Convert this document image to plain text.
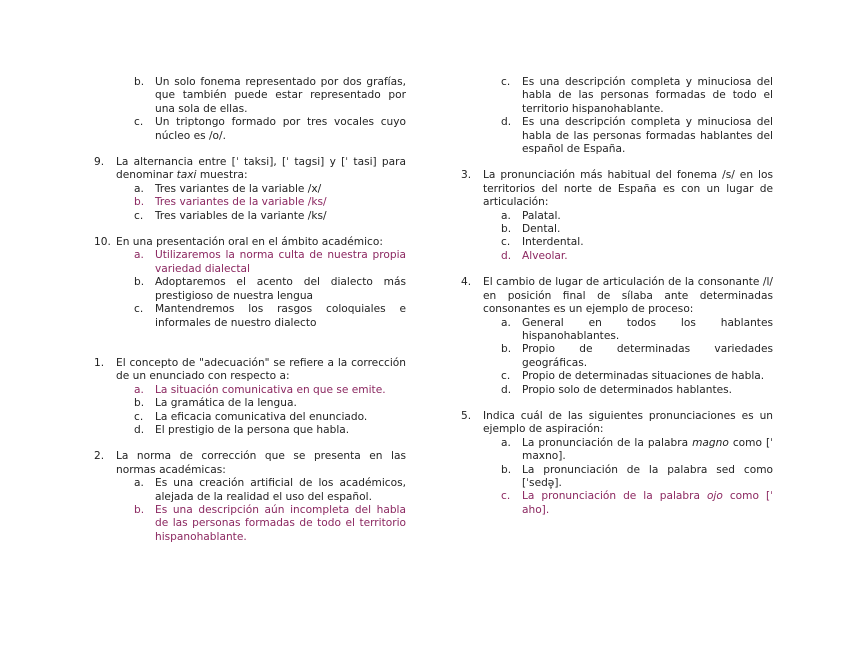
b.	Un solo fonema representado por dos grafías, que también puede estar representado por una sola de ellas.
c.	Un triptongo formado por tres vocales cuyo núcleo es /o/.
9.	La alternancia entre [ˈ taksi], [ˈ tagsi] y [ˈ tasi] para denominar taxi muestra:
a.	Tres variantes de la variable /x/
b.	Tres variantes de la variable /ks/
c.	Tres variables de la variante /ks/
10. En una presentación oral en el ámbito académico:
a.	Utilizaremos la norma culta de nuestra propia variedad dialectal
b.	Adoptaremos el acento del dialecto más prestigioso de nuestra lengua
c.	Mantendremos los rasgos coloquiales e informales de nuestro dialecto
1.	El concepto de "adecuación" se refiere a la corrección de un enunciado con respecto a:
a.	La situación comunicativa en que se emite.
b.	La gramática de la lengua.
c.	La eficacia comunicativa del enunciado.
d.	El prestigio de la persona que habla.
2.	La norma de corrección que se presenta en las normas académicas:
a.	Es una creación artificial de los académicos, alejada de la realidad el uso del español.
b.	Es una descripción aún incompleta del habla de las personas formadas de todo el territorio hispanohablante.
c.	Es una descripción completa y minuciosa del habla de las personas formadas de todo el territorio hispanohablante.
d.	Es una descripción completa y minuciosa del habla de las personas formadas hablantes del español de España.
3.	La pronunciación más habitual del fonema /s/ en los territorios del norte de España es con un lugar de articulación:
a.	Palatal.
b.	Dental.
c.	Interdental.
d.	Alveolar.
4.	El cambio de lugar de articulación de la consonante /l/ en posición final de sílaba ante determinadas consonantes es un ejemplo de proceso:
a.	General en todos los hablantes hispanohablantes.
b.	Propio de determinadas variedades geográficas.
c.	Propio de determinadas situaciones de habla.
d.	Propio solo de determinados hablantes.
5.	Indica cuál de las siguientes pronunciaciones es un ejemplo de aspiración:
a.	La pronunciación de la palabra magno como [ˈ maxno].
b.	La pronunciación de la palabra sed como [ˈsedə̥].
c.	La pronunciación de la palabra ojo como [ˈ aho].
